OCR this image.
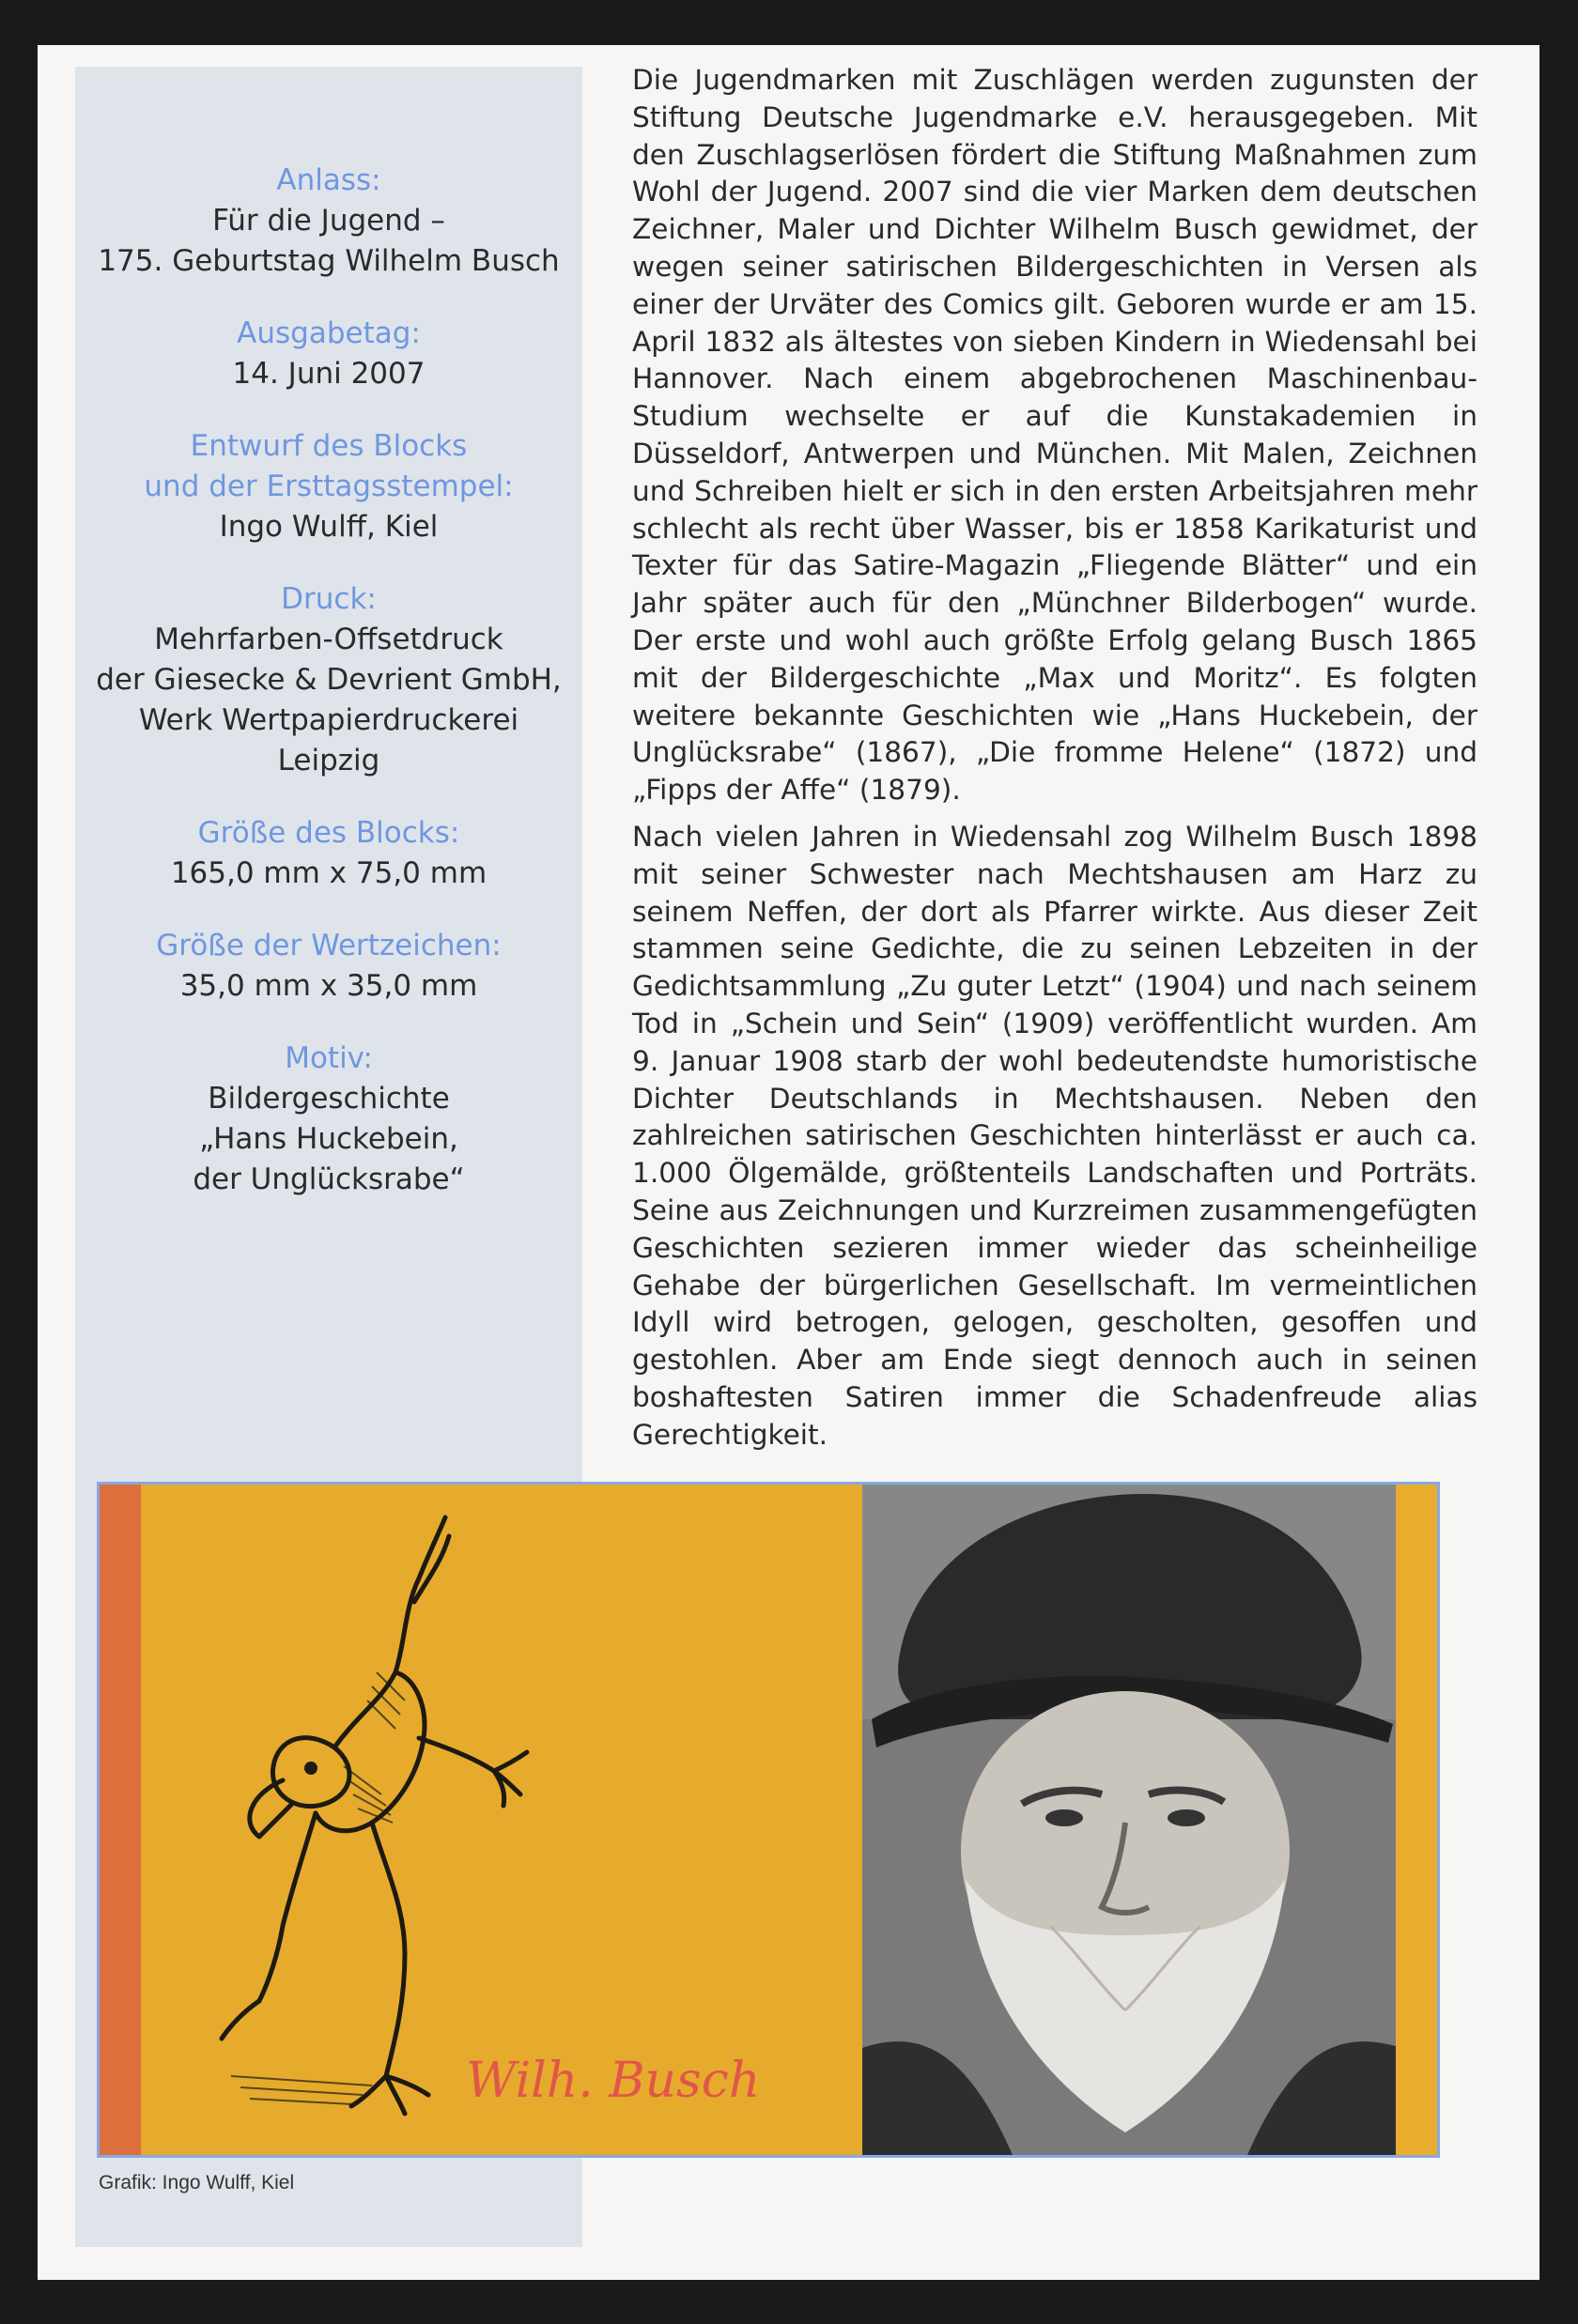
Anlass:

Für die Jugend –
175. Geburtstag Wilhelm Busch

Ausgabetag:

14. Juni 2007

Entwurf des Blocks
und der Ersttagsstempel:

Ingo Wulff, Kiel

Druck:

Mehrfarben-Offsetdruck
der Giesecke & Devrient GmbH,
Werk Wertpapierdruckerei
Leipzig

Größe des Blocks:

165,0 mm x 75,0 mm

Größe der Wertzeichen:

35,0 mm x 35,0 mm

Motiv:

Bildergeschichte
„Hans Huckebein,
der Unglücksrabe“

Die Jugendmarken mit Zuschlägen werden zugunsten der Stiftung Deutsche Jugendmarke e.V. herausgegeben. Mit den Zuschlagserlösen fördert die Stiftung Maßnahmen zum Wohl der Jugend. 2007 sind die vier Marken dem deutschen Zeichner, Maler und Dichter Wilhelm Busch gewidmet, der wegen seiner satirischen Bildergeschichten in Versen als einer der Urväter des Comics gilt. Geboren wurde er am 15. April 1832 als ältestes von sieben Kindern in Wiedensahl bei Hannover. Nach einem abgebrochenen Maschinenbau-Studium wechselte er auf die Kunstakademien in Düsseldorf, Antwerpen und München. Mit Malen, Zeichnen und Schreiben hielt er sich in den ersten Arbeitsjahren mehr schlecht als recht über Wasser, bis er 1858 Karikaturist und Texter für das Satire-Magazin „Fliegende Blätter“ und ein Jahr später auch für den „Münchner Bilderbogen“ wurde. Der erste und wohl auch größte Erfolg gelang Busch 1865 mit der Bildergeschichte „Max und Moritz“. Es folgten weitere bekannte Geschichten wie „Hans Huckebein, der Unglücksrabe“ (1867), „Die fromme Helene“ (1872) und „Fipps der Affe“ (1879).

Nach vielen Jahren in Wiedensahl zog Wilhelm Busch 1898 mit seiner Schwester nach Mechtshausen am Harz zu seinem Neffen, der dort als Pfarrer wirkte. Aus dieser Zeit stammen seine Gedichte, die zu seinen Lebzeiten in der Gedichtsammlung „Zu guter Letzt“ (1904) und nach seinem Tod in „Schein und Sein“ (1909) veröffentlicht wurden. Am 9. Januar 1908 starb der wohl bedeutendste humoristische Dichter Deutschlands in Mechtshausen. Neben den zahlreichen satirischen Geschichten hinterlässt er auch ca. 1.000 Ölgemälde, größtenteils Landschaften und Porträts. Seine aus Zeichnungen und Kurzreimen zusammengefügten Geschichten sezieren immer wieder das scheinheilige Gehabe der bürgerlichen Gesellschaft. Im vermeintlichen Idyll wird betrogen, gelogen, gescholten, gesoffen und gestohlen. Aber am Ende siegt dennoch auch in seinen boshaftesten Satiren immer die Schadenfreude alias Gerechtigkeit.

Wilh. Busch
Grafik: Ingo Wulff, Kiel
